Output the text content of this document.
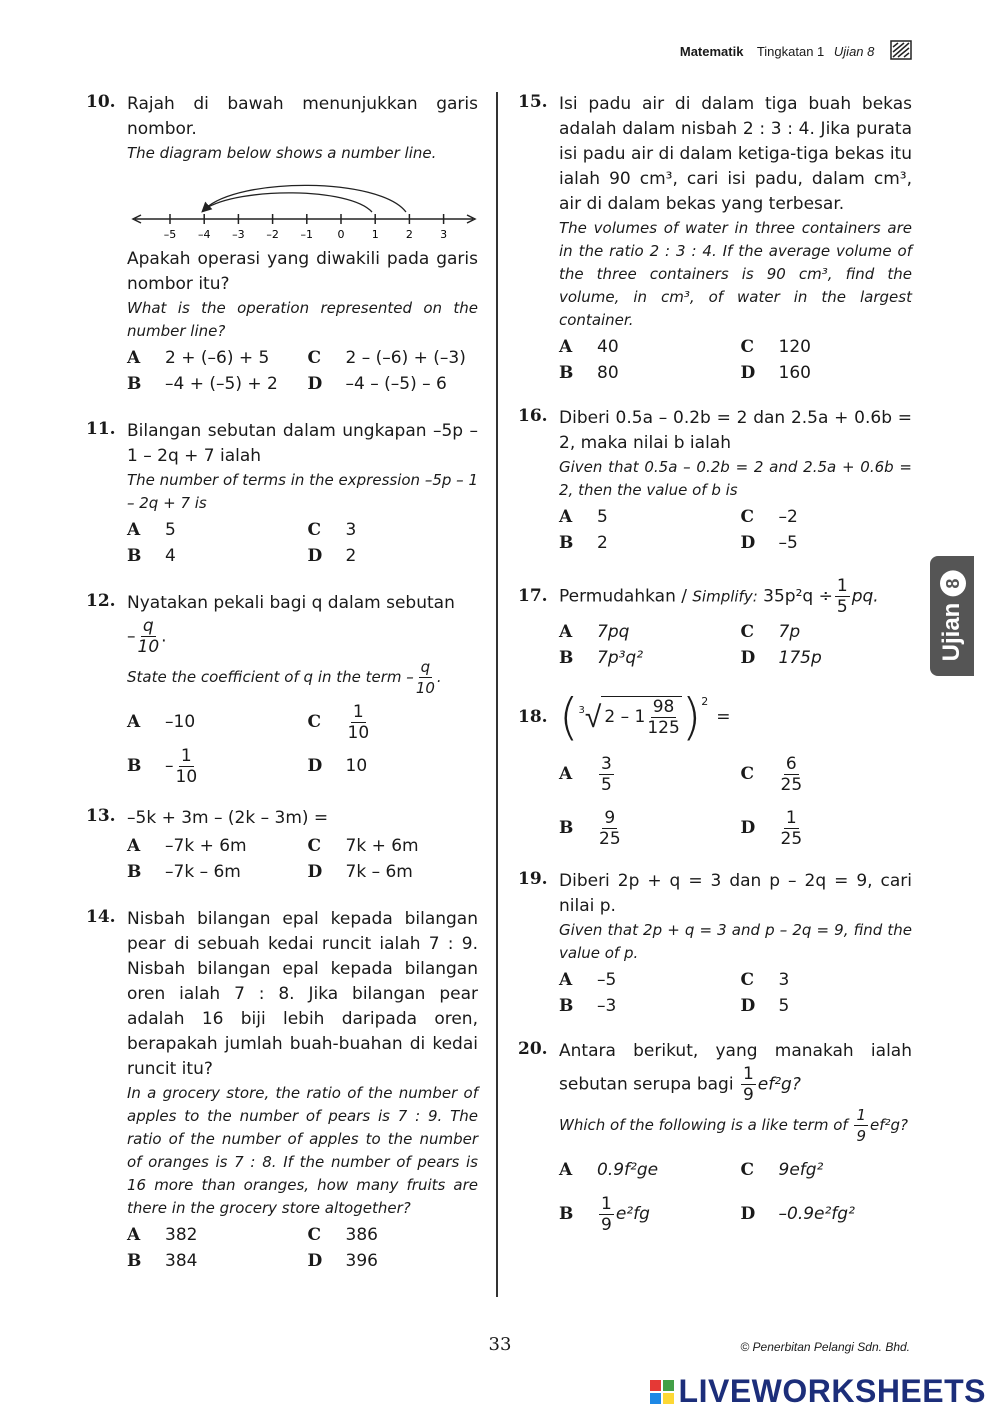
Matematik Tingkatan 1 Ujian 8
10. Rajah di bawah menunjukkan garis nombor.
The diagram below shows a number line.
–5 –4 –3 –2 –1 0 1 2 3
Apakah operasi yang diwakili pada garis nombor itu?
What is the operation represented on the number line?
A	2 + (–6) + 5 C	2 – (–6) + (–3)
B	–4 + (–5) + 2 D	–4 – (–5) – 6
11. Bilangan sebutan dalam ungkapan –5p – 1 – 2q + 7 ialah
The number of terms in the expression –5p – 1 – 2q + 7 is
A	5	C	3
B	4	D	2
12. Nyatakan pekali bagi q dalam sebutan
– $\frac{q}{10}$ .
State the coefficient of q in the term – $\frac{q}{10}$ .
A	–10	C	$\frac{1}{10}$
B	– $\frac{1}{10}$	D	10
13. –5k + 3m – (2k – 3m) =
A	–7k + 6m	C	7k + 6m
B	–7k – 6m	D	7k – 6m
14. Nisbah bilangan epal kepada bilangan pear di sebuah kedai runcit ialah 7 : 9. Nisbah bilangan epal kepada bilangan oren ialah 7 : 8. Jika bilangan pear adalah 16 biji lebih daripada oren, berapakah jumlah buah-buahan di kedai runcit itu?
In a grocery store, the ratio of the number of apples to the number of pears is 7 : 9. The ratio of the number of apples to the number of oranges is 7 : 8. If the number of pears is 16 more than oranges, how many fruits are there in the grocery store altogether?
A	382	C	386
B	384	D	396
15. Isi padu air di dalam tiga buah bekas adalah dalam nisbah 2 : 3 : 4. Jika purata isi padu air di dalam ketiga-tiga bekas itu ialah 90 cm³, cari isi padu, dalam cm³, air di dalam bekas yang terbesar.
The volumes of water in three containers are in the ratio 2 : 3 : 4. If the average volume of the three containers is 90 cm³, find the volume, in cm³, of water in the largest container.
A	40	C	120
B	80	D	160
16. Diberi 0.5a – 0.2b = 2 dan 2.5a + 0.6b = 2, maka nilai b ialah
Given that 0.5a – 0.2b = 2 and 2.5a + 0.6b = 2, then the value of b is
A	5	C	–2
B	2	D	–5
17. Permudahkan / Simplify: $35p^2q \div \frac{1}{5}$ pq.
A	7pq	C	7p
B	7p³q²	D	175p
18. ( 3 √ $2 - 1 \frac{98}{125}$ ) 2
=
A	$\frac{3}{5}$	C	$\frac{6}{25}$
B	$\frac{9}{25}$	D	$\frac{1}{25}$
19. Diberi 2p + q = 3 dan p – 2q = 9, cari nilai p.
Given that 2p + q = 3 and p – 2q = 9, find the value of p.
A	–5	C	3
B	–3	D	5
20. Antara berikut, yang manakah ialah sebutan serupa bagi $\frac{1}{9} ef^2g$?
Which of the following is a like term of $\frac{1}{9} ef^2g$?
A	0.9f²ge	C	9efg²
B	$\frac{1}{9} e^2fg$	D	–0.9e²fg²
Ujian8
33	© Penerbitan Pelangi Sdn. Bhd.
LIVEWORKSHEETS
